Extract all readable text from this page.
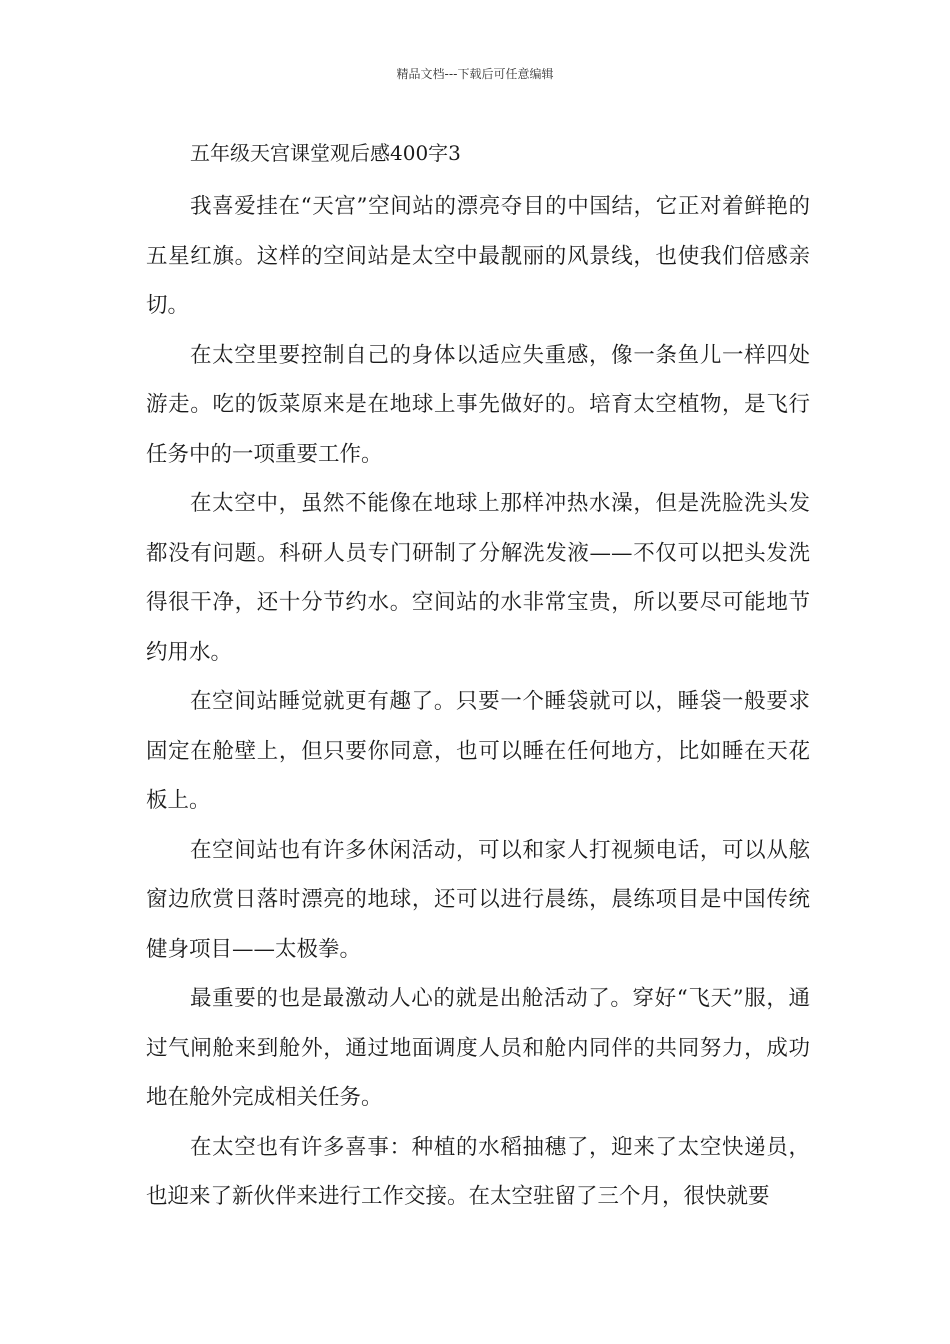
精品文档---下载后可任意编辑
五年级天宫课堂观后感400字3

我喜爱挂在“天宫”空间站的漂亮夺目的中国结，它正对着鲜艳的五星红旗。这样的空间站是太空中最靓丽的风景线，也使我们倍感亲切。

在太空里要控制自己的身体以适应失重感，像一条鱼儿一样四处游走。吃的饭菜原来是在地球上事先做好的。培育太空植物，是飞行任务中的一项重要工作。

在太空中，虽然不能像在地球上那样冲热水澡，但是洗脸洗头发都没有问题。科研人员专门研制了分解洗发液——不仅可以把头发洗得很干净，还十分节约水。空间站的水非常宝贵，所以要尽可能地节约用水。

在空间站睡觉就更有趣了。只要一个睡袋就可以，睡袋一般要求固定在舱壁上，但只要你同意，也可以睡在任何地方，比如睡在天花板上。

在空间站也有许多休闲活动，可以和家人打视频电话，可以从舷窗边欣赏日落时漂亮的地球，还可以进行晨练，晨练项目是中国传统健身项目——太极拳。

最重要的也是最激动人心的就是出舱活动了。穿好“飞天”服，通过气闸舱来到舱外，通过地面调度人员和舱内同伴的共同努力，成功地在舱外完成相关任务。

在太空也有许多喜事：种植的水稻抽穗了，迎来了太空快递员，也迎来了新伙伴来进行工作交接。在太空驻留了三个月，很快就要
